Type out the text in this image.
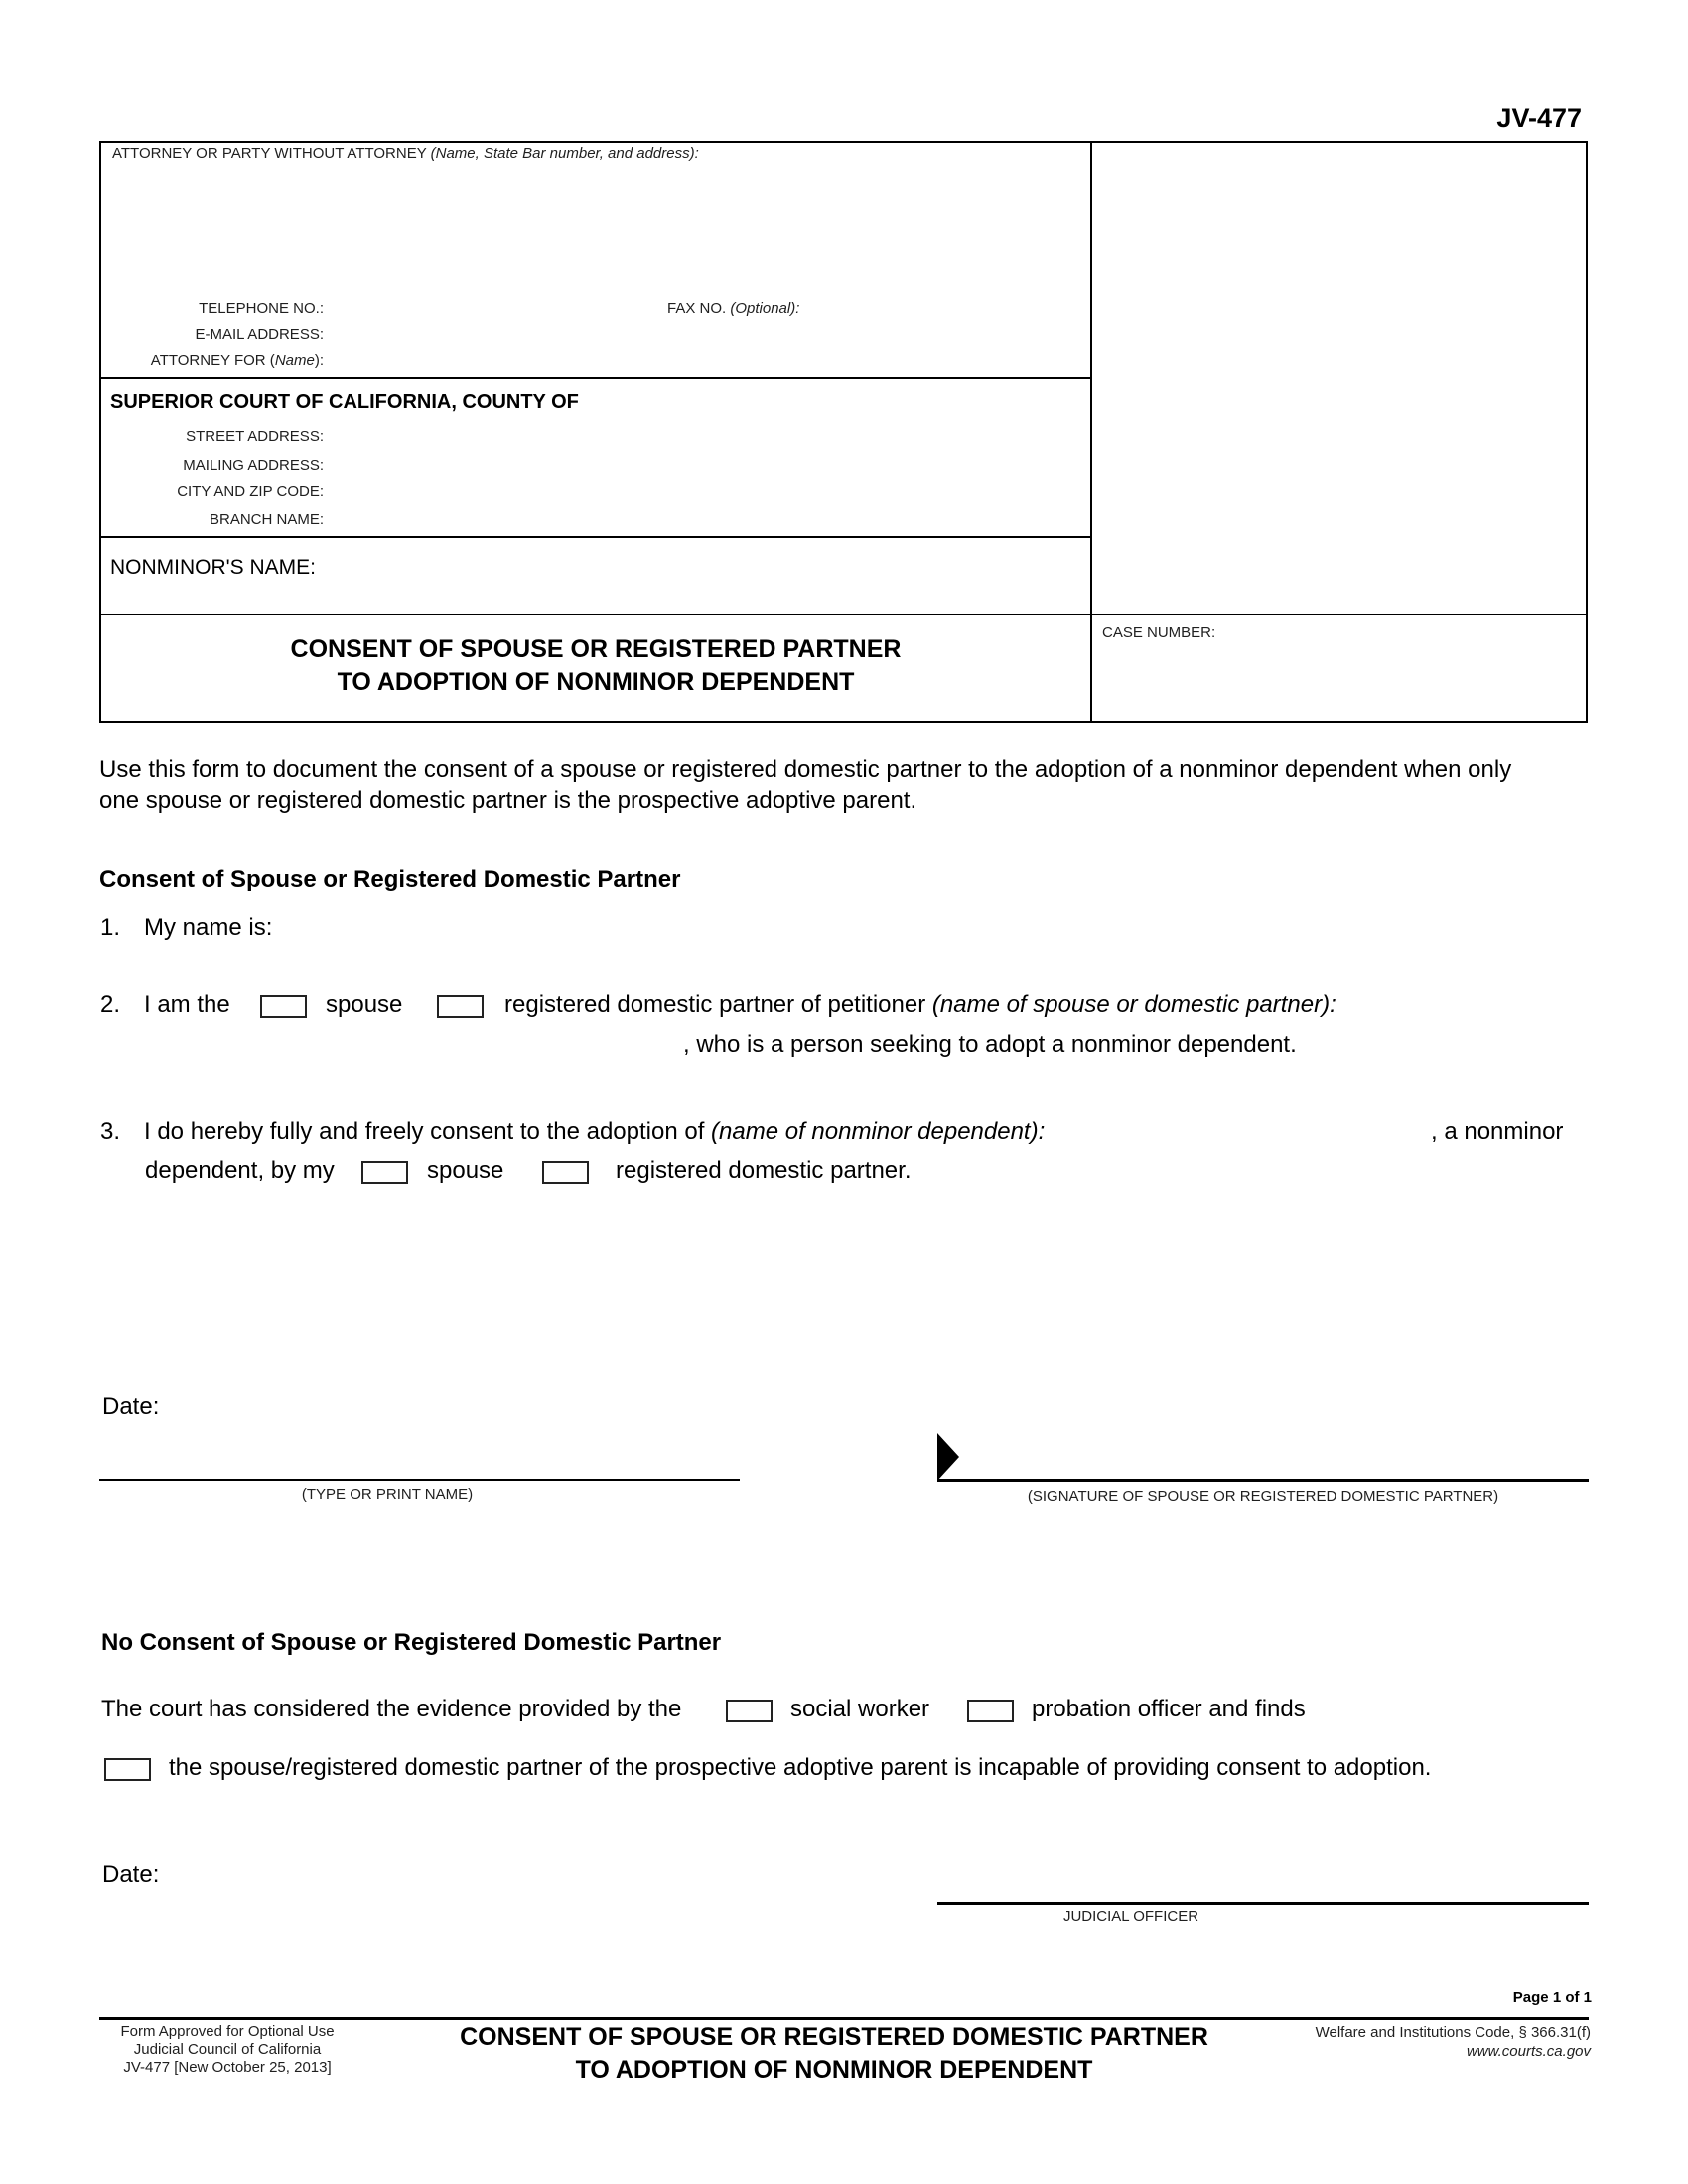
JV-477
ATTORNEY OR PARTY WITHOUT ATTORNEY (Name, State Bar number, and address):
TELEPHONE NO.:	FAX NO. (Optional):
E-MAIL ADDRESS:
ATTORNEY FOR (Name):
SUPERIOR COURT OF CALIFORNIA, COUNTY OF
STREET ADDRESS:
MAILING ADDRESS:
CITY AND ZIP CODE:
BRANCH NAME:
NONMINOR'S NAME:
CONSENT OF SPOUSE OR REGISTERED PARTNER
TO ADOPTION OF NONMINOR DEPENDENT
CASE NUMBER:
Use this form to document the consent of a spouse or registered domestic partner to the adoption of a nonminor dependent when only
one spouse or registered domestic partner is the prospective adoptive parent.
Consent of Spouse or Registered Domestic Partner
1. My name is:
2. I am the	spouse	registered domestic partner of petitioner (name of spouse or domestic partner):
, who is a person seeking to adopt a nonminor dependent.
3. I do hereby fully and freely consent to the adoption of (name of nonminor dependent):	, a nonminor
dependent, by my	spouse	registered domestic partner.
Date:
(TYPE OR PRINT NAME)	(SIGNATURE OF SPOUSE OR REGISTERED DOMESTIC PARTNER)
No Consent of Spouse or Registered Domestic Partner
The court has considered the evidence provided by the	social worker	probation officer and finds
the spouse/registered domestic partner of the prospective adoptive parent is incapable of providing consent to adoption.
Date:
JUDICIAL OFFICER
Page 1 of 1
Form Approved for Optional Use
Judicial Council of California
JV-477 [New October 25, 2013]
CONSENT OF SPOUSE OR REGISTERED DOMESTIC PARTNER
TO ADOPTION OF NONMINOR DEPENDENT
Welfare and Institutions Code, § 366.31(f)
www.courts.ca.gov
